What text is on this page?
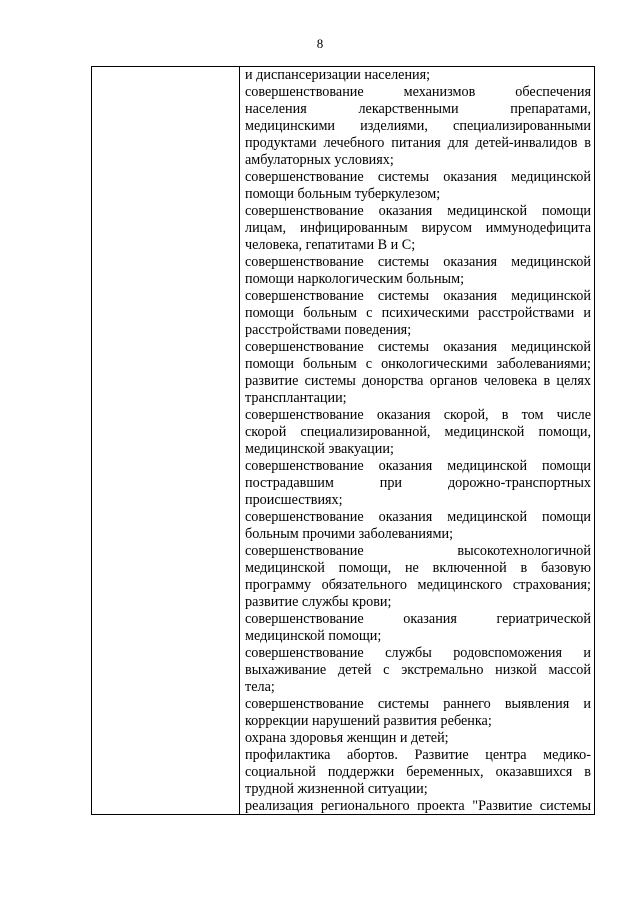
8

и диспансеризации населения;
совершенствование механизмов обеспечения
населения лекарственными препаратами,
медицинскими изделиями, специализированными
продуктами лечебного питания для детей-инвалидов в
амбулаторных условиях;
совершенствование системы оказания медицинской
помощи больным туберкулезом;
совершенствование оказания медицинской помощи
лицам, инфицированным вирусом иммунодефицита
человека, гепатитами В и С;
совершенствование системы оказания медицинской
помощи наркологическим больным;
совершенствование системы оказания медицинской
помощи больным с психическими расстройствами и
расстройствами поведения;
совершенствование системы оказания медицинской
помощи больным с онкологическими заболеваниями;
развитие системы донорства органов человека в целях
трансплантации;
совершенствование оказания скорой, в том числе
скорой специализированной, медицинской помощи,
медицинской эвакуации;
совершенствование оказания медицинской помощи
пострадавшим при дорожно-транспортных
происшествиях;
совершенствование оказания медицинской помощи
больным прочими заболеваниями;
совершенствование высокотехнологичной
медицинской помощи, не включенной в базовую
программу обязательного медицинского страхования;
развитие службы крови;
совершенствование оказания гериатрической
медицинской помощи;
совершенствование службы родовспоможения и
выхаживание детей с экстремально низкой массой
тела;
совершенствование системы раннего выявления и
коррекции нарушений развития ребенка;
охрана здоровья женщин и детей;
профилактика абортов. Развитие центра медико-
социальной поддержки беременных, оказавшихся в
трудной жизненной ситуации;
реализация регионального проекта "Развитие системы
